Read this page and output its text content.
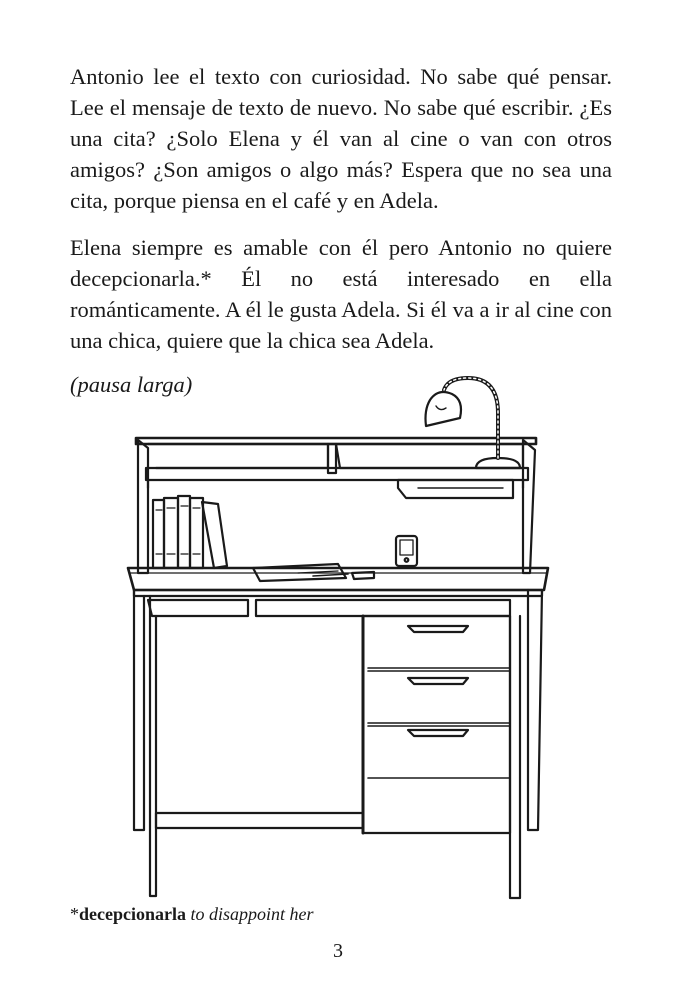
Antonio lee el texto con curiosidad. No sabe qué pensar. Lee el mensaje de texto de nuevo. No sabe qué escribir. ¿Es una cita? ¿Solo Elena y él van al cine o van con otros amigos? ¿Son amigos o algo más? Espera que no sea una cita, porque piensa en el café y en Adela.

Elena siempre es amable con él pero Antonio no quiere decepcionarla.* Él no está interesado en ella románticamente. A él le gusta Adela. Si él va a ir al cine con una chica, quiere que la chica sea Adela.

(pausa larga)

*decepcionarla to disappoint her

3
